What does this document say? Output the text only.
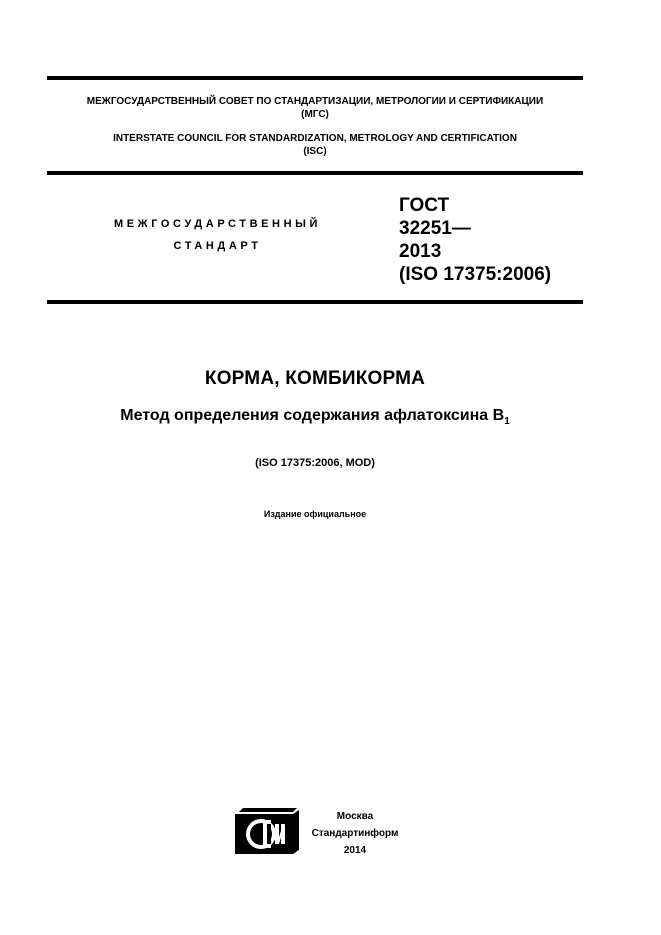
МЕЖГОСУДАРСТВЕННЫЙ СОВЕТ ПО СТАНДАРТИЗАЦИИ, МЕТРОЛОГИИ И СЕРТИФИКАЦИИ
(МГС)
INTERSTATE COUNCIL FOR STANDARDIZATION, METROLOGY AND CERTIFICATION
(ISC)
МЕЖГОСУДАРСТВЕННЫЙ
СТАНДАРТ
ГОСТ
32251—
2013
(ISO 17375:2006)
КОРМА, КОМБИКОРМА
Метод определения содержания афлатоксина $B_1$
(ISO 17375:2006, MOD)
Издание официальное
Москва
Стандартинформ
2014
